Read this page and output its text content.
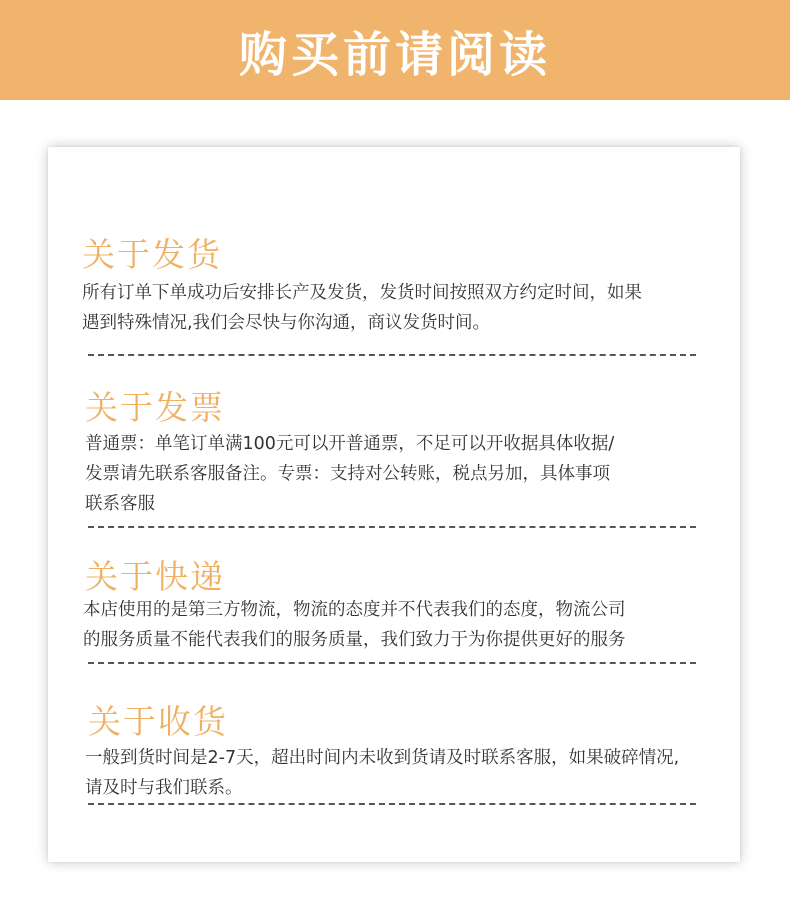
购买前请阅读
关于发货
所有订单下单成功后安排长产及发货，发货时间按照双方约定时间，如果
遇到特殊情况,我们会尽快与你沟通，商议发货时间。
关于发票
普通票：单笔订单满100元可以开普通票，不足可以开收据具体收据/
发票请先联系客服备注。专票：支持对公转账，税点另加，具体事项
联系客服
关于快递
本店使用的是第三方物流，物流的态度并不代表我们的态度，物流公司
的服务质量不能代表我们的服务质量，我们致力于为你提供更好的服务
关于收货
一般到货时间是2-7天，超出时间内未收到货请及时联系客服，如果破碎情况,
请及时与我们联系。
